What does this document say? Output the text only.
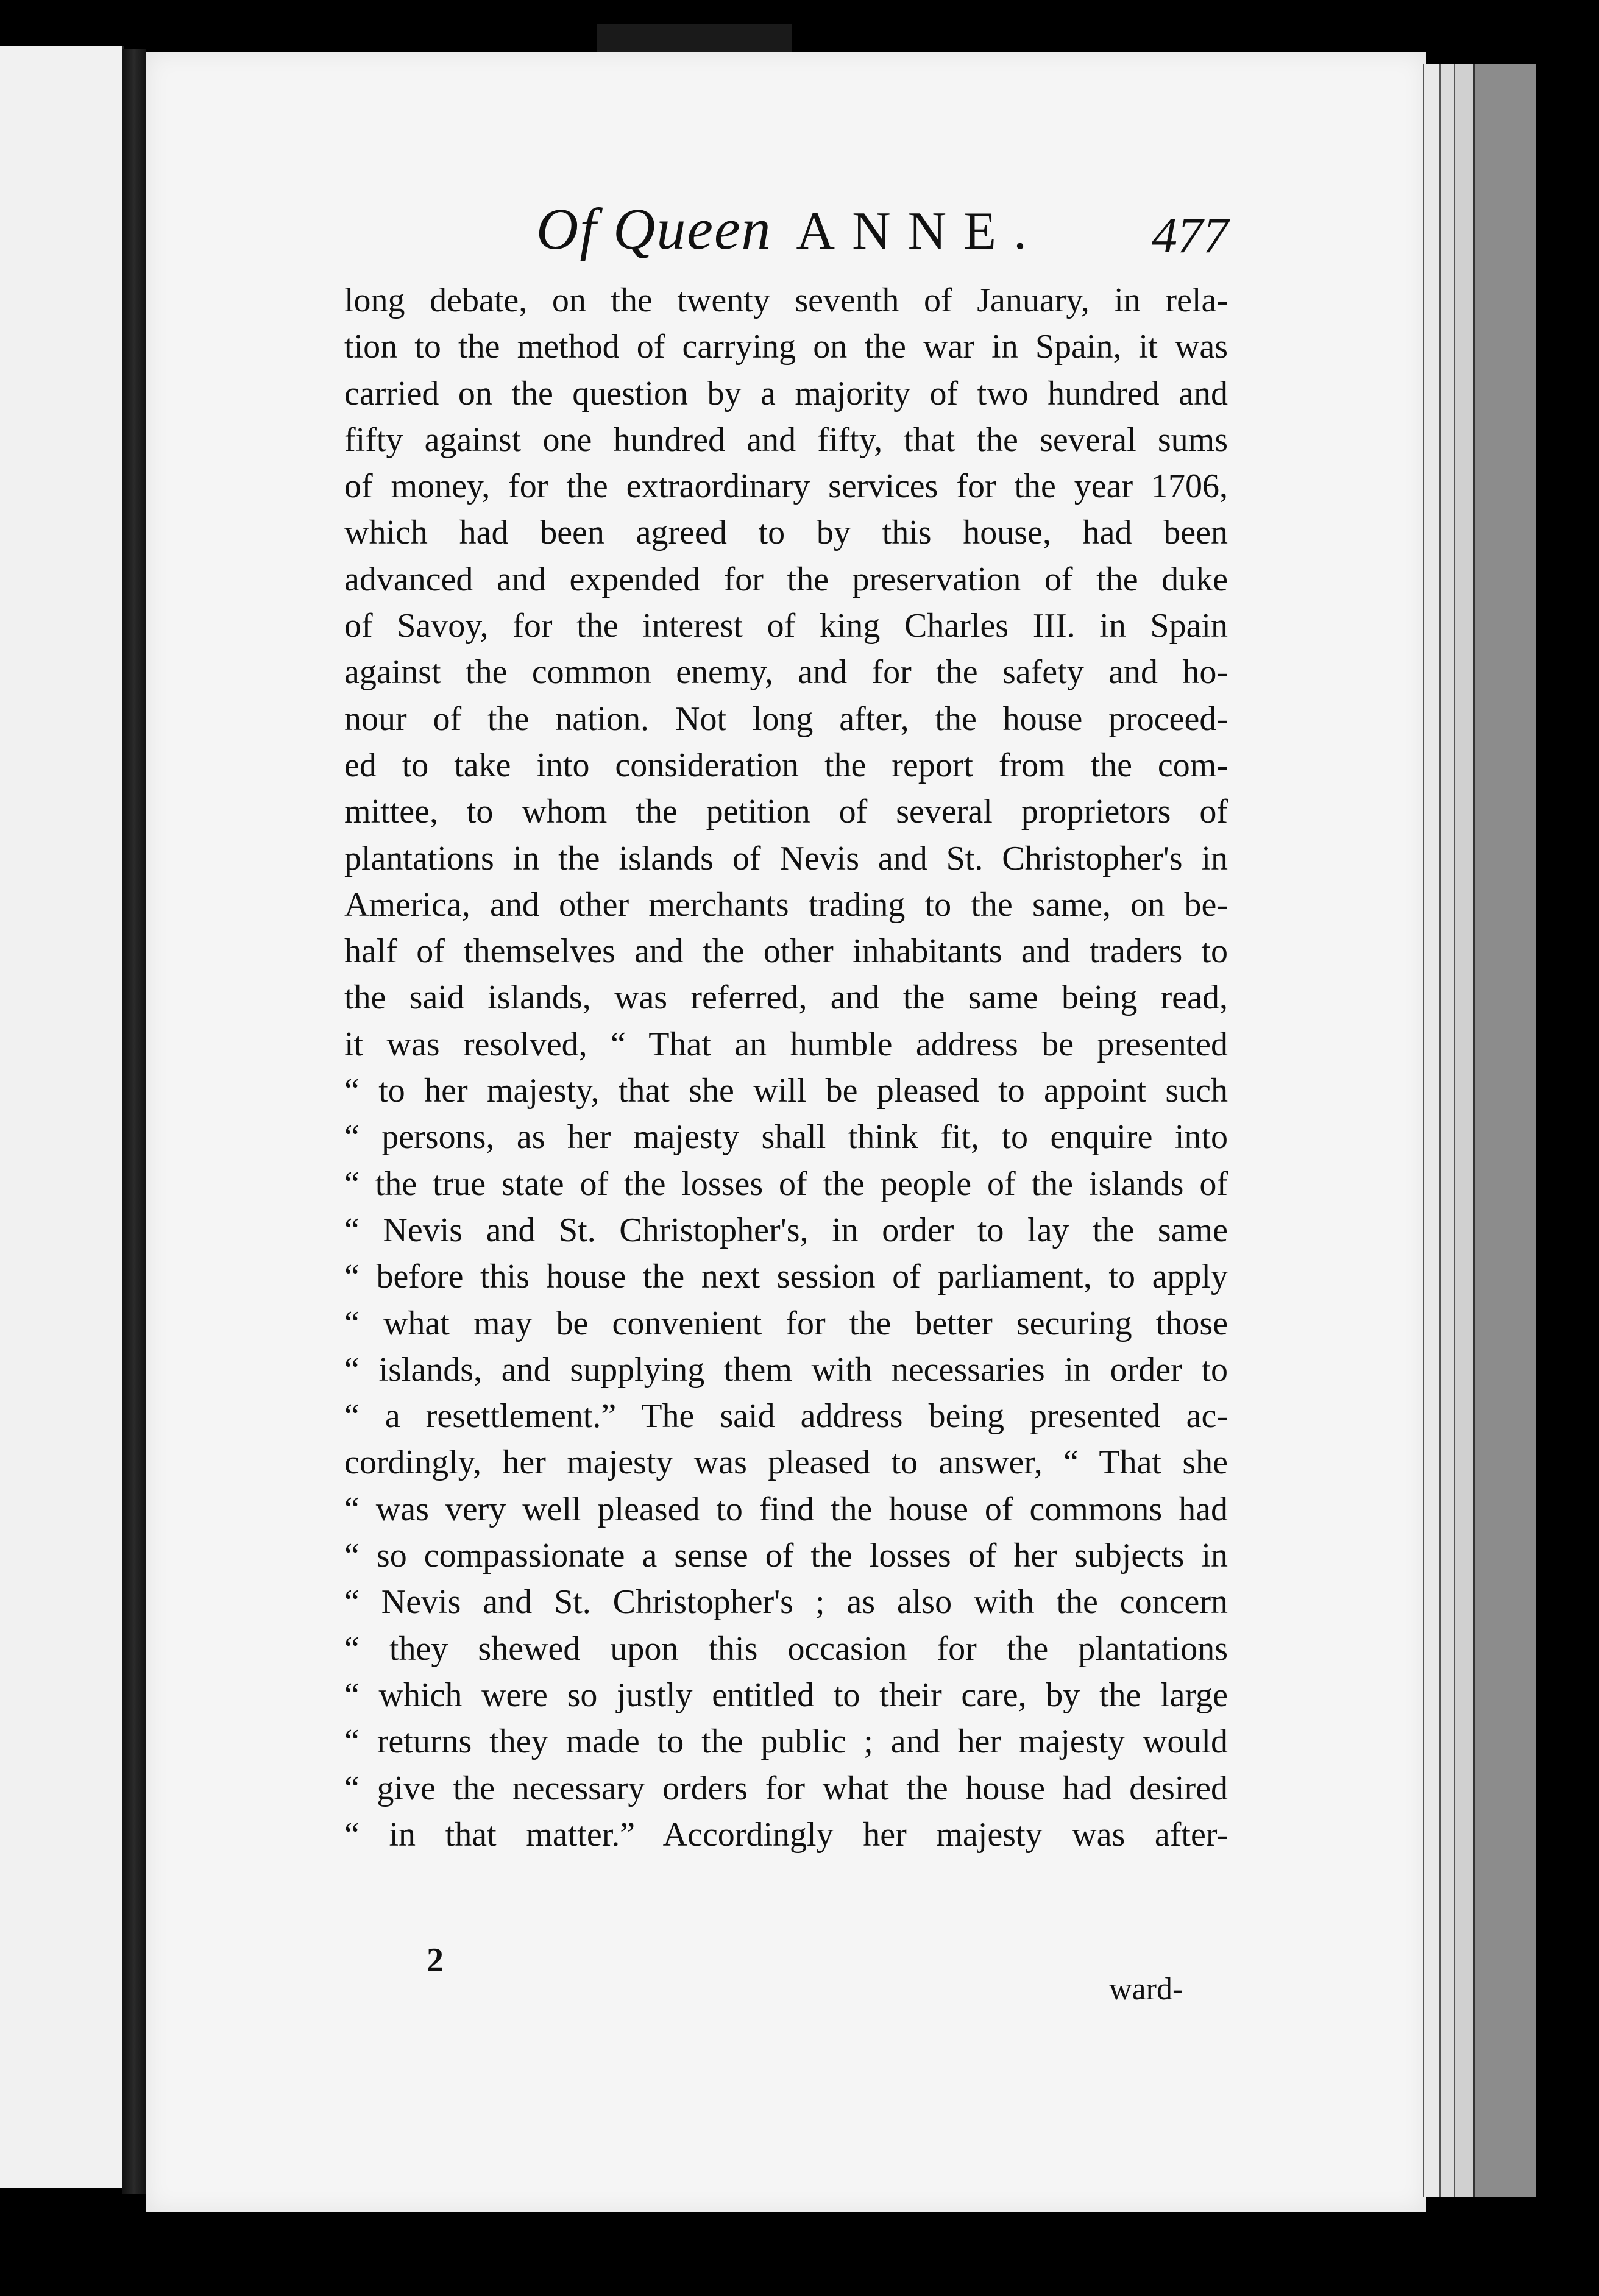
Of Queen ANNE. 477
long debate, on the twenty seventh of January, in rela-
tion to the method of carrying on the war in Spain, it was
carried on the question by a majority of two hundred and
fifty against one hundred and fifty, that the several sums
of money, for the extraordinary services for the year 1706,
which had been agreed to by this house, had been
advanced and expended for the preservation of the duke
of Savoy, for the interest of king Charles III. in Spain
against the common enemy, and for the safety and ho-
nour of the nation. Not long after, the house proceed-
ed to take into consideration the report from the com-
mittee, to whom the petition of several proprietors of
plantations in the islands of Nevis and St. Christopher's in
America, and other merchants trading to the same, on be-
half of themselves and the other inhabitants and traders to
the said islands, was referred, and the same being read,
it was resolved, “ That an humble address be presented
“ to her majesty, that she will be pleased to appoint such
“ persons, as her majesty shall think fit, to enquire into
“ the true state of the losses of the people of the islands of
“ Nevis and St. Christopher's, in order to lay the same
“ before this house the next session of parliament, to apply
“ what may be convenient for the better securing those
“ islands, and supplying them with necessaries in order to
“ a resettlement.” The said address being presented ac-
cordingly, her majesty was pleased to answer, “ That she
“ was very well pleased to find the house of commons had
“ so compassionate a sense of the losses of her subjects in
“ Nevis and St. Christopher's ; as also with the concern
“ they shewed upon this occasion for the plantations
“ which were so justly entitled to their care, by the large
“ returns they made to the public ; and her majesty would
“ give the necessary orders for what the house had desired
“ in that matter.” Accordingly her majesty was after-
2
ward-
